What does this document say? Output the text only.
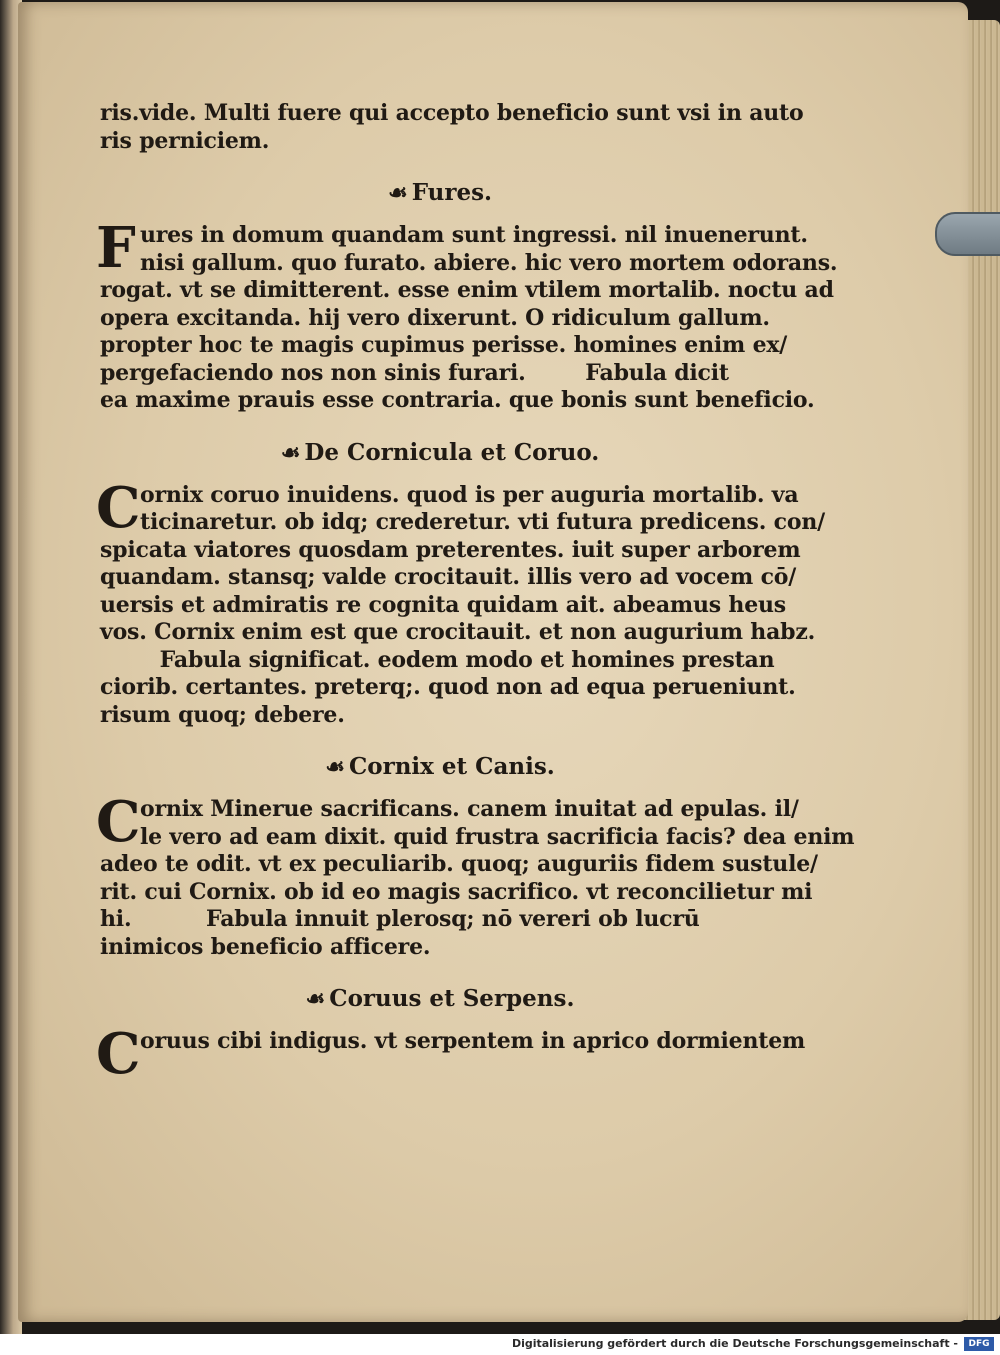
ris.vide. Multi fuere qui accepto beneficio sunt vsi in auto
ris perniciem.
☙ Fures.
F ures in domum quandam sunt ingressi. nil inuenerunt.
nisi gallum. quo furato. abiere. hic vero mortem odorans.
rogat. vt se dimitterent. esse enim vtilem mortalib. noctu ad
opera excitanda. hij vero dixerunt. O ridiculum gallum.
propter hoc te magis cupimus perisse. homines enim ex/
pergefaciendo nos non sinis furari.        Fabula dicit
ea maxime prauis esse contraria. que bonis sunt beneficio.
☙ De Cornicula et Coruo.
C ornix coruo inuidens. quod is per auguria mortalib. va
ticinaretur. ob idq; crederetur. vti futura predicens. con/
spicata viatores quosdam preterentes. iuit super arborem
quandam. stansq; valde crocitauit. illis vero ad vocem cō/
uersis et admiratis re cognita quidam ait. abeamus heus
vos. Cornix enim est que crocitauit. et non augurium habz.
Fabula significat. eodem modo et homines prestan
ciorib. certantes. preterq;. quod non ad equa perueniunt.
risum quoq; debere.
☙ Cornix et Canis.
C ornix Minerue sacrificans. canem inuitat ad epulas. il/
le vero ad eam dixit. quid frustra sacrificia facis? dea enim
adeo te odit. vt ex peculiarib. quoq; auguriis fidem sustule/
rit. cui Cornix. ob id eo magis sacrifico. vt reconcilietur mi
hi.          Fabula innuit plerosq; nō vereri ob lucrū
inimicos beneficio afficere.
☙ Coruus et Serpens.
C oruus cibi indigus. vt serpentem in aprico dormientem
Digitalisierung gefördert durch die Deutsche Forschungsgemeinschaft -	DFG
